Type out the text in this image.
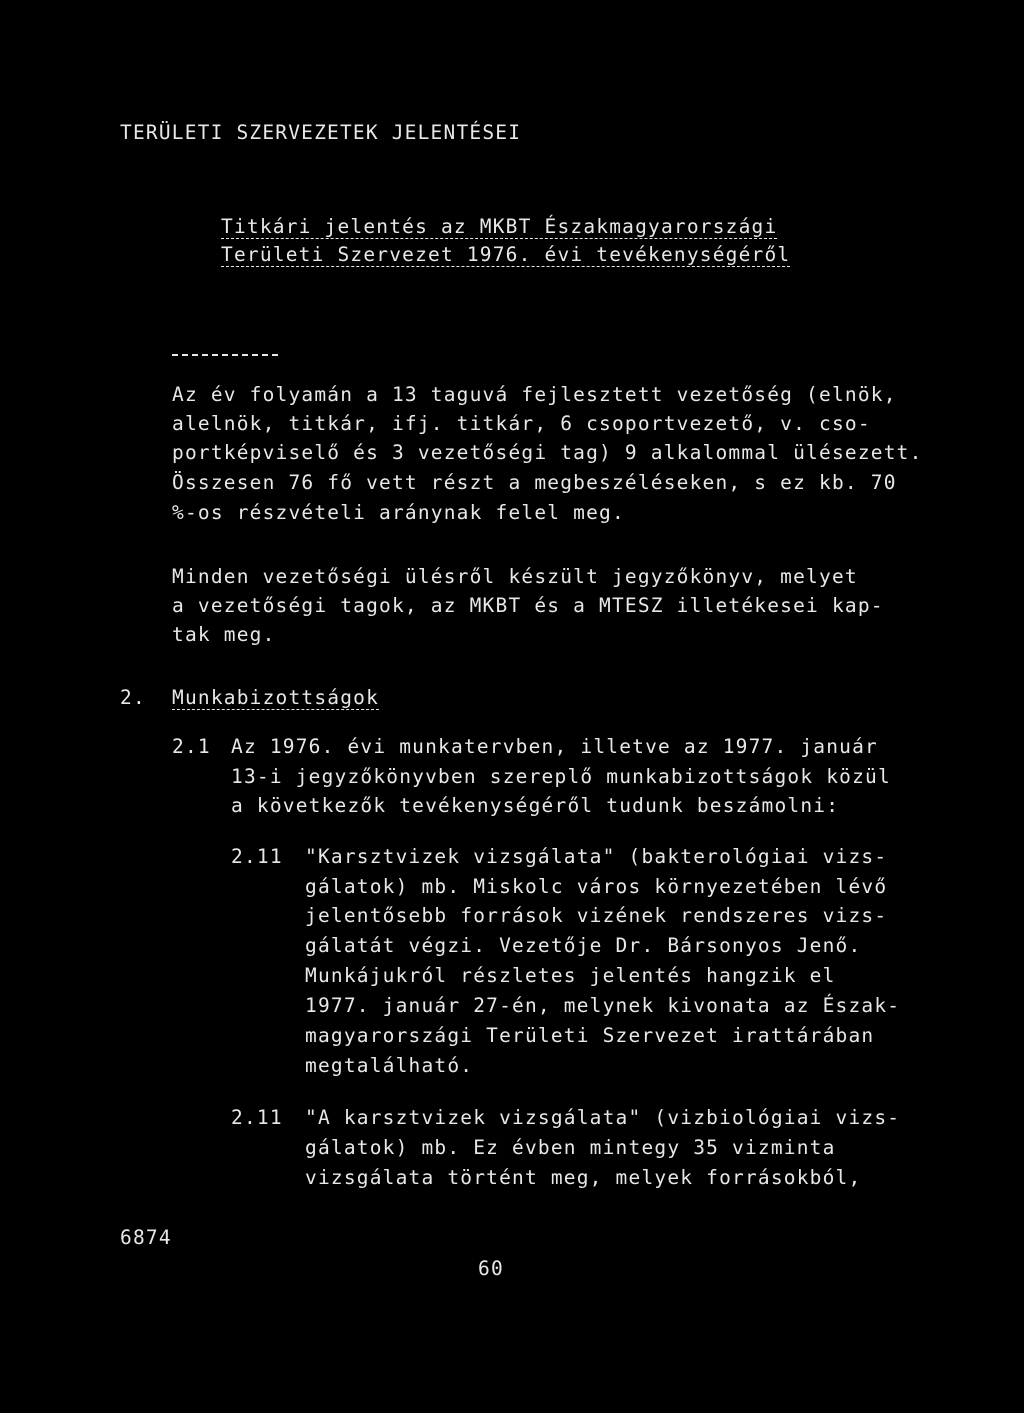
TERÜLETI SZERVEZETEK JELENTÉSEI
Titkári jelentés az MKBT Északmagyarországi
Területi Szervezet 1976. évi tevékenységéről
Az év folyamán a 13 taguvá fejlesztett vezetőség (elnök,
alelnök, titkár, ifj. titkár, 6 csoportvezető, v. cso-
portképviselő és 3 vezetőségi tag) 9 alkalommal ülésezett.
Összesen 76 fő vett részt a megbeszéléseken, s ez kb. 70
%-os részvételi aránynak felel meg.
Minden vezetőségi ülésről készült jegyzőkönyv, melyet
a vezetőségi tagok, az MKBT és a MTESZ illetékesei kap-
tak meg.
2. Munkabizottságok
2.1 Az 1976. évi munkatervben, illetve az 1977. január
13-i jegyzőkönyvben szereplő munkabizottságok közül
a következők tevékenységéről tudunk beszámolni:
2.11 "Karsztvizek vizsgálata" (bakterológiai vizs-
gálatok) mb. Miskolc város környezetében lévő
jelentősebb források vizének rendszeres vizs-
gálatát végzi. Vezetője Dr. Bársonyos Jenő.
Munkájukról részletes jelentés hangzik el
1977. január 27-én, melynek kivonata az Észak-
magyarországi Területi Szervezet irattárában
megtalálható.
2.11 "A karsztvizek vizsgálata" (vizbiológiai vizs-
gálatok) mb. Ez évben mintegy 35 vizminta
vizsgálata történt meg, melyek forrásokból,
6874
60
